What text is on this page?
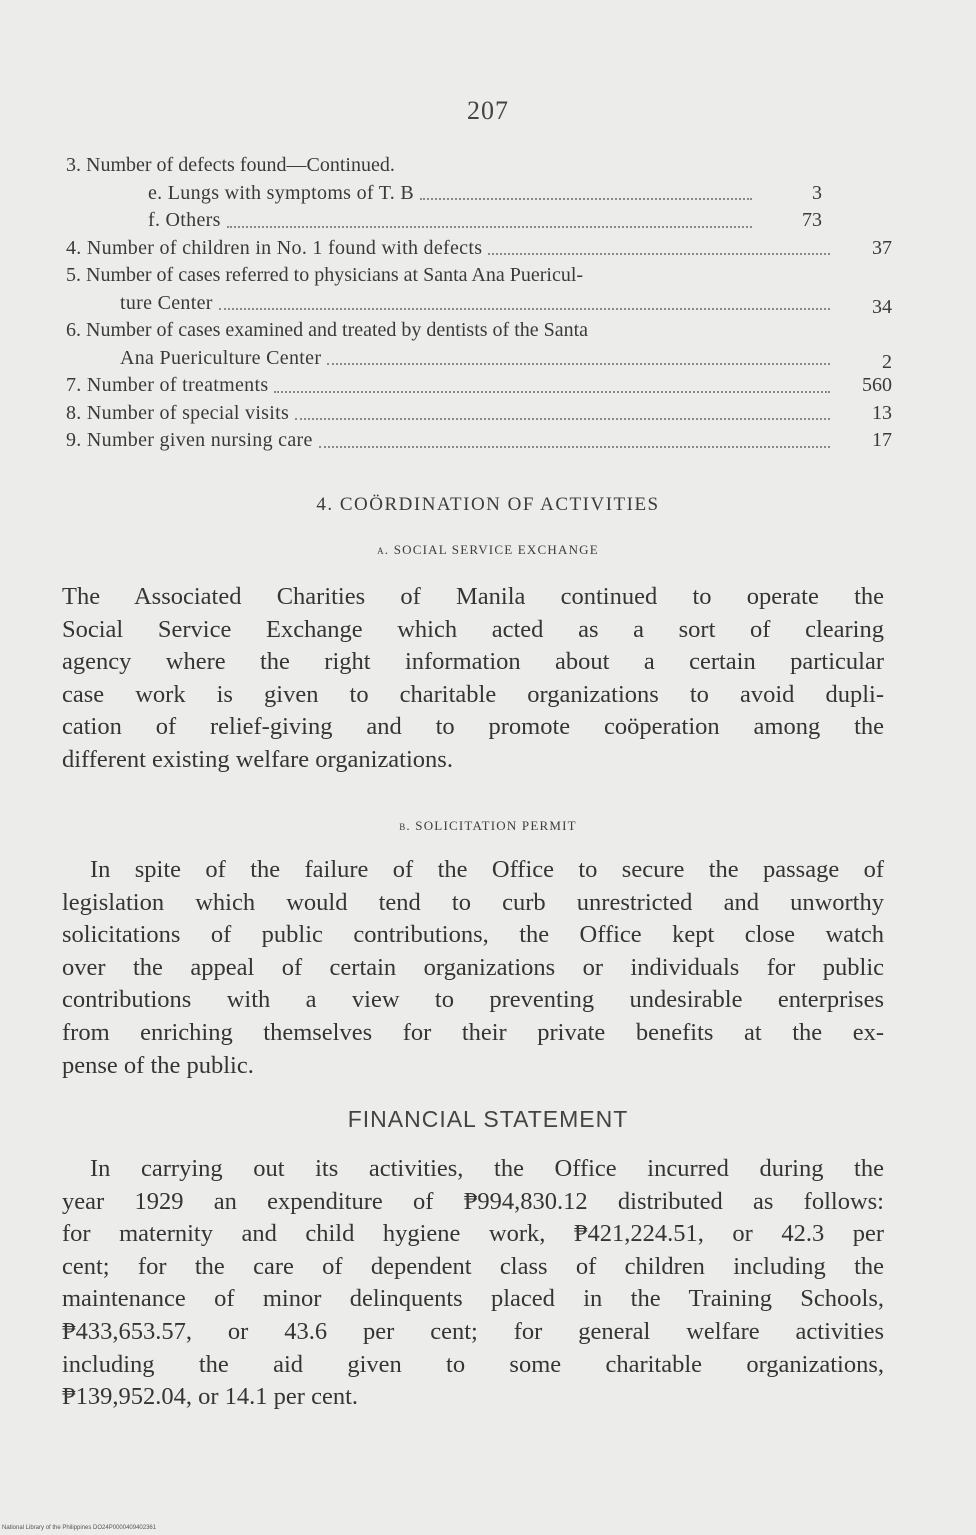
207
3. Number of defects found—Continued.
e. Lungs with symptoms of T. B	3
f. Others	73
4. Number of children in No. 1 found with defects	37
5. Number of cases referred to physicians at Santa Ana Puericul-
ture Center	34
6. Number of cases examined and treated by dentists of the Santa
Ana Puericulture Center	2
7. Number of treatments	560
8. Number of special visits	13
9. Number given nursing care	17
4. COÖRDINATION OF ACTIVITIES
a. SOCIAL SERVICE EXCHANGE
The Associated Charities of Manila continued to operate the
Social Service Exchange which acted as a sort of clearing
agency where the right information about a certain particular
case work is given to charitable organizations to avoid dupli-
cation of relief-giving and to promote coöperation among the
different existing welfare organizations.
b. SOLICITATION PERMIT
In spite of the failure of the Office to secure the passage of
legislation which would tend to curb unrestricted and unworthy
solicitations of public contributions, the Office kept close watch
over the appeal of certain organizations or individuals for public
contributions with a view to preventing undesirable enterprises
from enriching themselves for their private benefits at the ex-
pense of the public.
FINANCIAL STATEMENT
In carrying out its activities, the Office incurred during the
year 1929 an expenditure of ₱994,830.12 distributed as follows:
for maternity and child hygiene work, ₱421,224.51, or 42.3 per
cent; for the care of dependent class of children including the
maintenance of minor delinquents placed in the Training Schools,
₱433,653.57, or 43.6 per cent; for general welfare activities
including the aid given to some charitable organizations,
₱139,952.04, or 14.1 per cent.
National Library of the Philippines DO24P0000409402361
